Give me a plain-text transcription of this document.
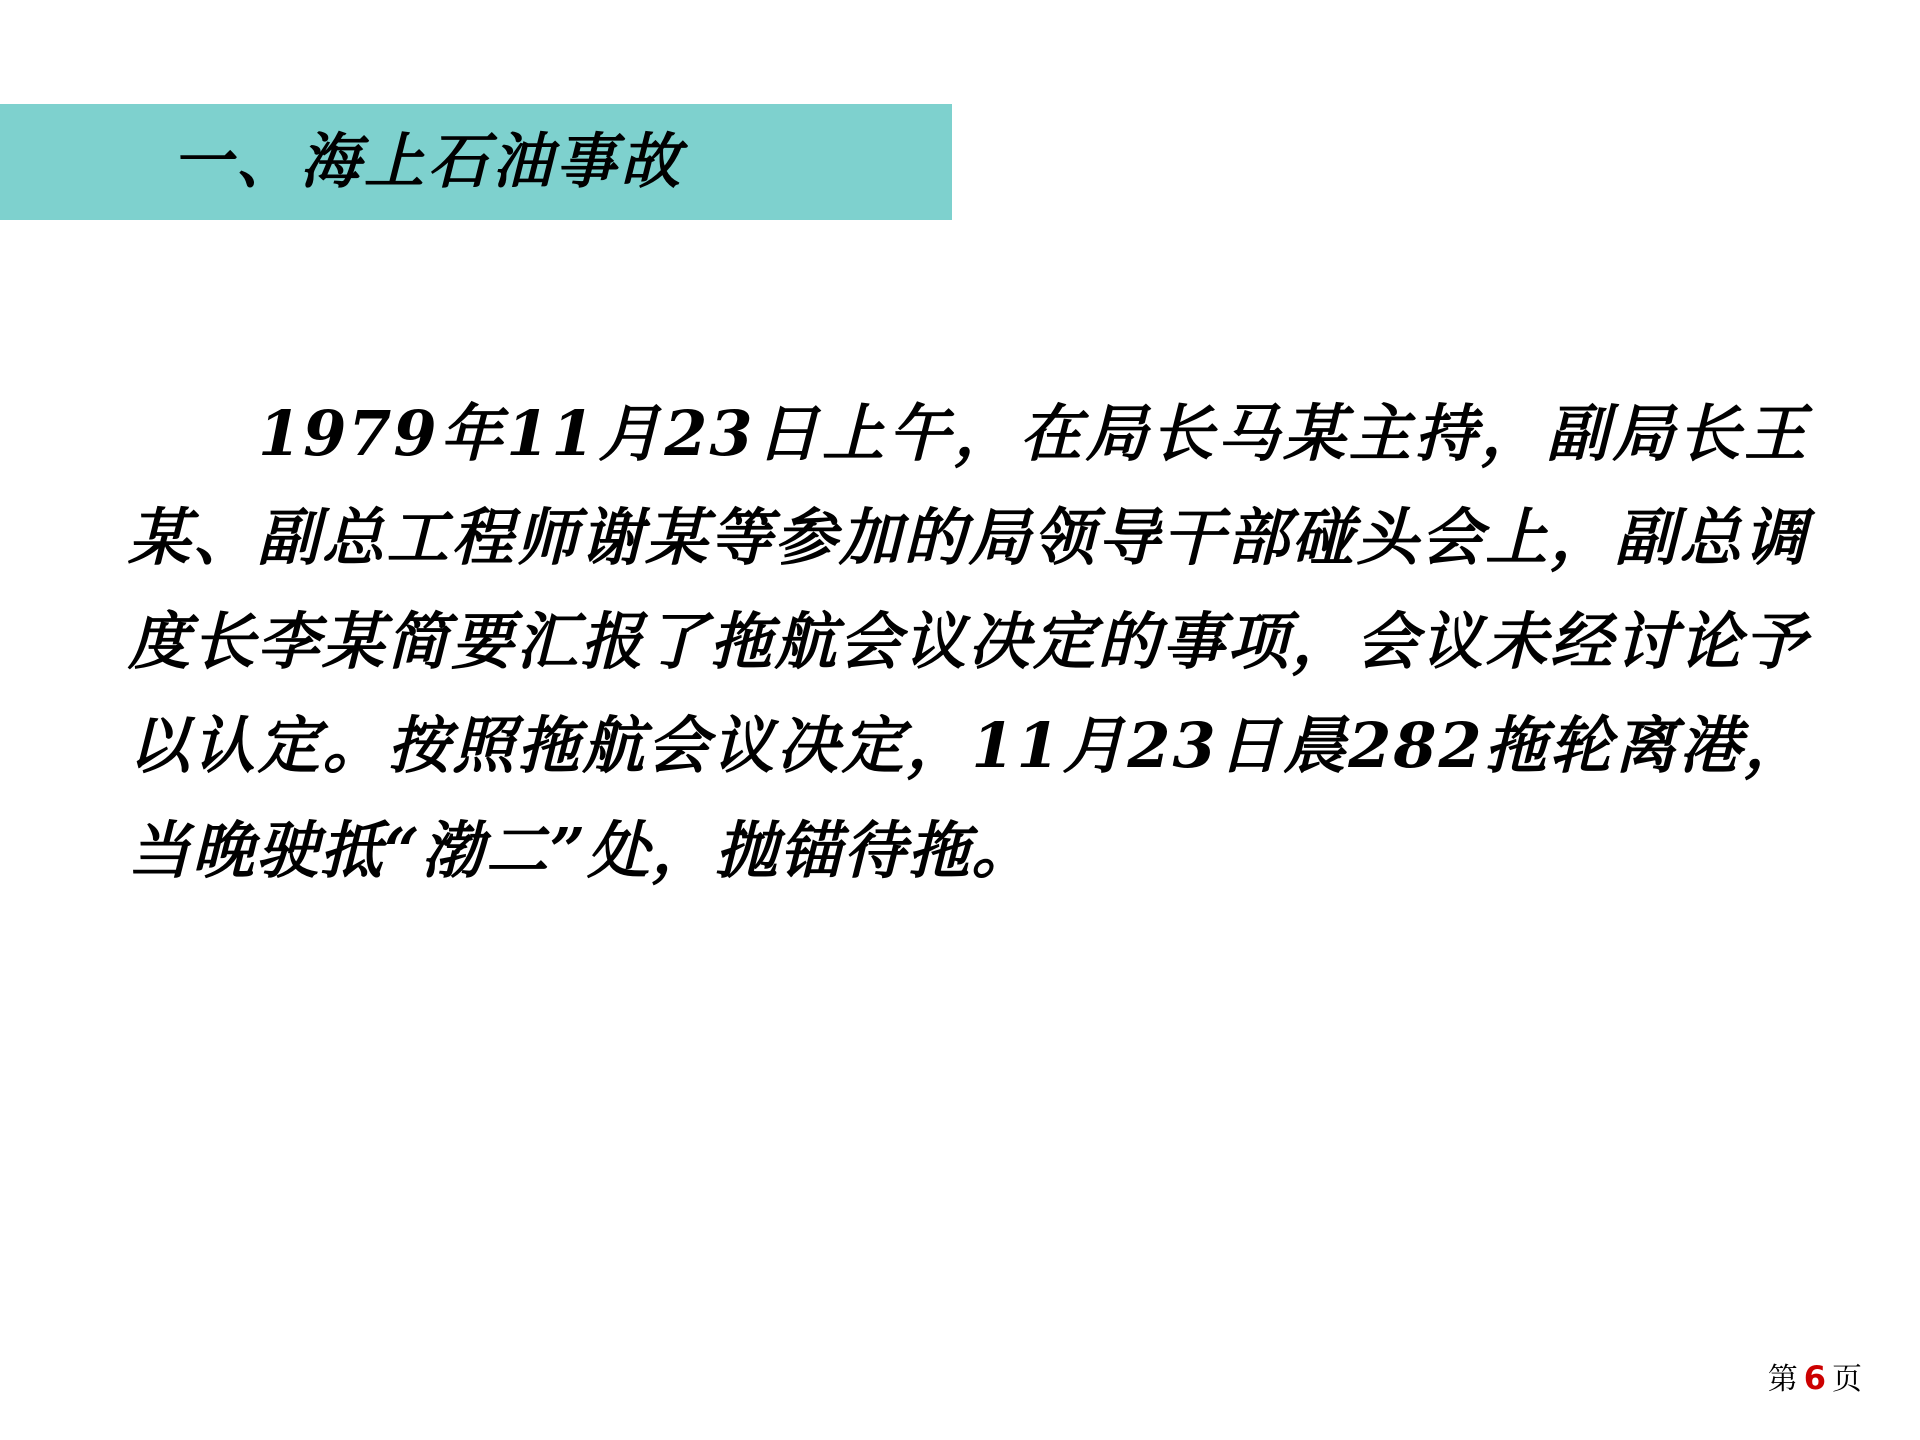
一、海上石油事故

1979年11月23日上午，在局长马某主持，副局长王某、副总工程师谢某等参加的局领导干部碰头会上，副总调度长李某简要汇报了拖航会议决定的事项，会议未经讨论予以认定。按照拖航会议决定，11月23日晨282拖轮离港，当晚驶抵“渤二”处，抛锚待拖。

第 6 页
